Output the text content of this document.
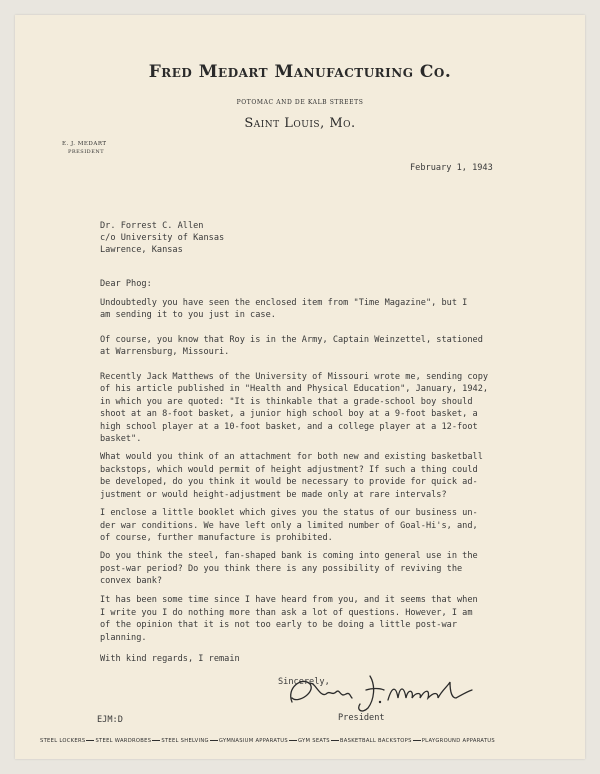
Fred Medart Manufacturing Co.
POTOMAC AND DE KALB STREETS
Saint Louis, Mo.
E. J. MEDART
PRESIDENT
February 1, 1943
Dr. Forrest C. Allen
c/o University of Kansas
Lawrence, Kansas
Dear Phog:
Undoubtedly you have seen the enclosed item from "Time Magazine", but I
am sending it to you just in case.
Of course, you know that Roy is in the Army, Captain Weinzettel, stationed
at Warrensburg, Missouri.
Recently Jack Matthews of the University of Missouri wrote me, sending copy
of his article published in "Health and Physical Education", January, 1942,
in which you are quoted: "It is thinkable that a grade-school boy should
shoot at an 8-foot basket, a junior high school boy at a 9-foot basket, a
high school player at a 10-foot basket, and a college player at a 12-foot
basket".
What would you think of an attachment for both new and existing basketball
backstops, which would permit of height adjustment? If such a thing could
be developed, do you think it would be necessary to provide for quick ad-
justment or would height-adjustment be made only at rare intervals?
I enclose a little booklet which gives you the status of our business un-
der war conditions. We have left only a limited number of Goal-Hi's, and,
of course, further manufacture is prohibited.
Do you think the steel, fan-shaped bank is coming into general use in the
post-war period? Do you think there is any possibility of reviving the
convex bank?
It has been some time since I have heard from you, and it seems that when
I write you I do nothing more than ask a lot of questions. However, I am
of the opinion that it is not too early to be doing a little post-war
planning.
With kind regards, I remain
Sincerely,
President
EJM:D
STEEL LOCKERS STEEL WARDROBES STEEL SHELVING GYMNASIUM APPARATUS GYM SEATS BASKETBALL BACKSTOPS PLAYGROUND APPARATUS
